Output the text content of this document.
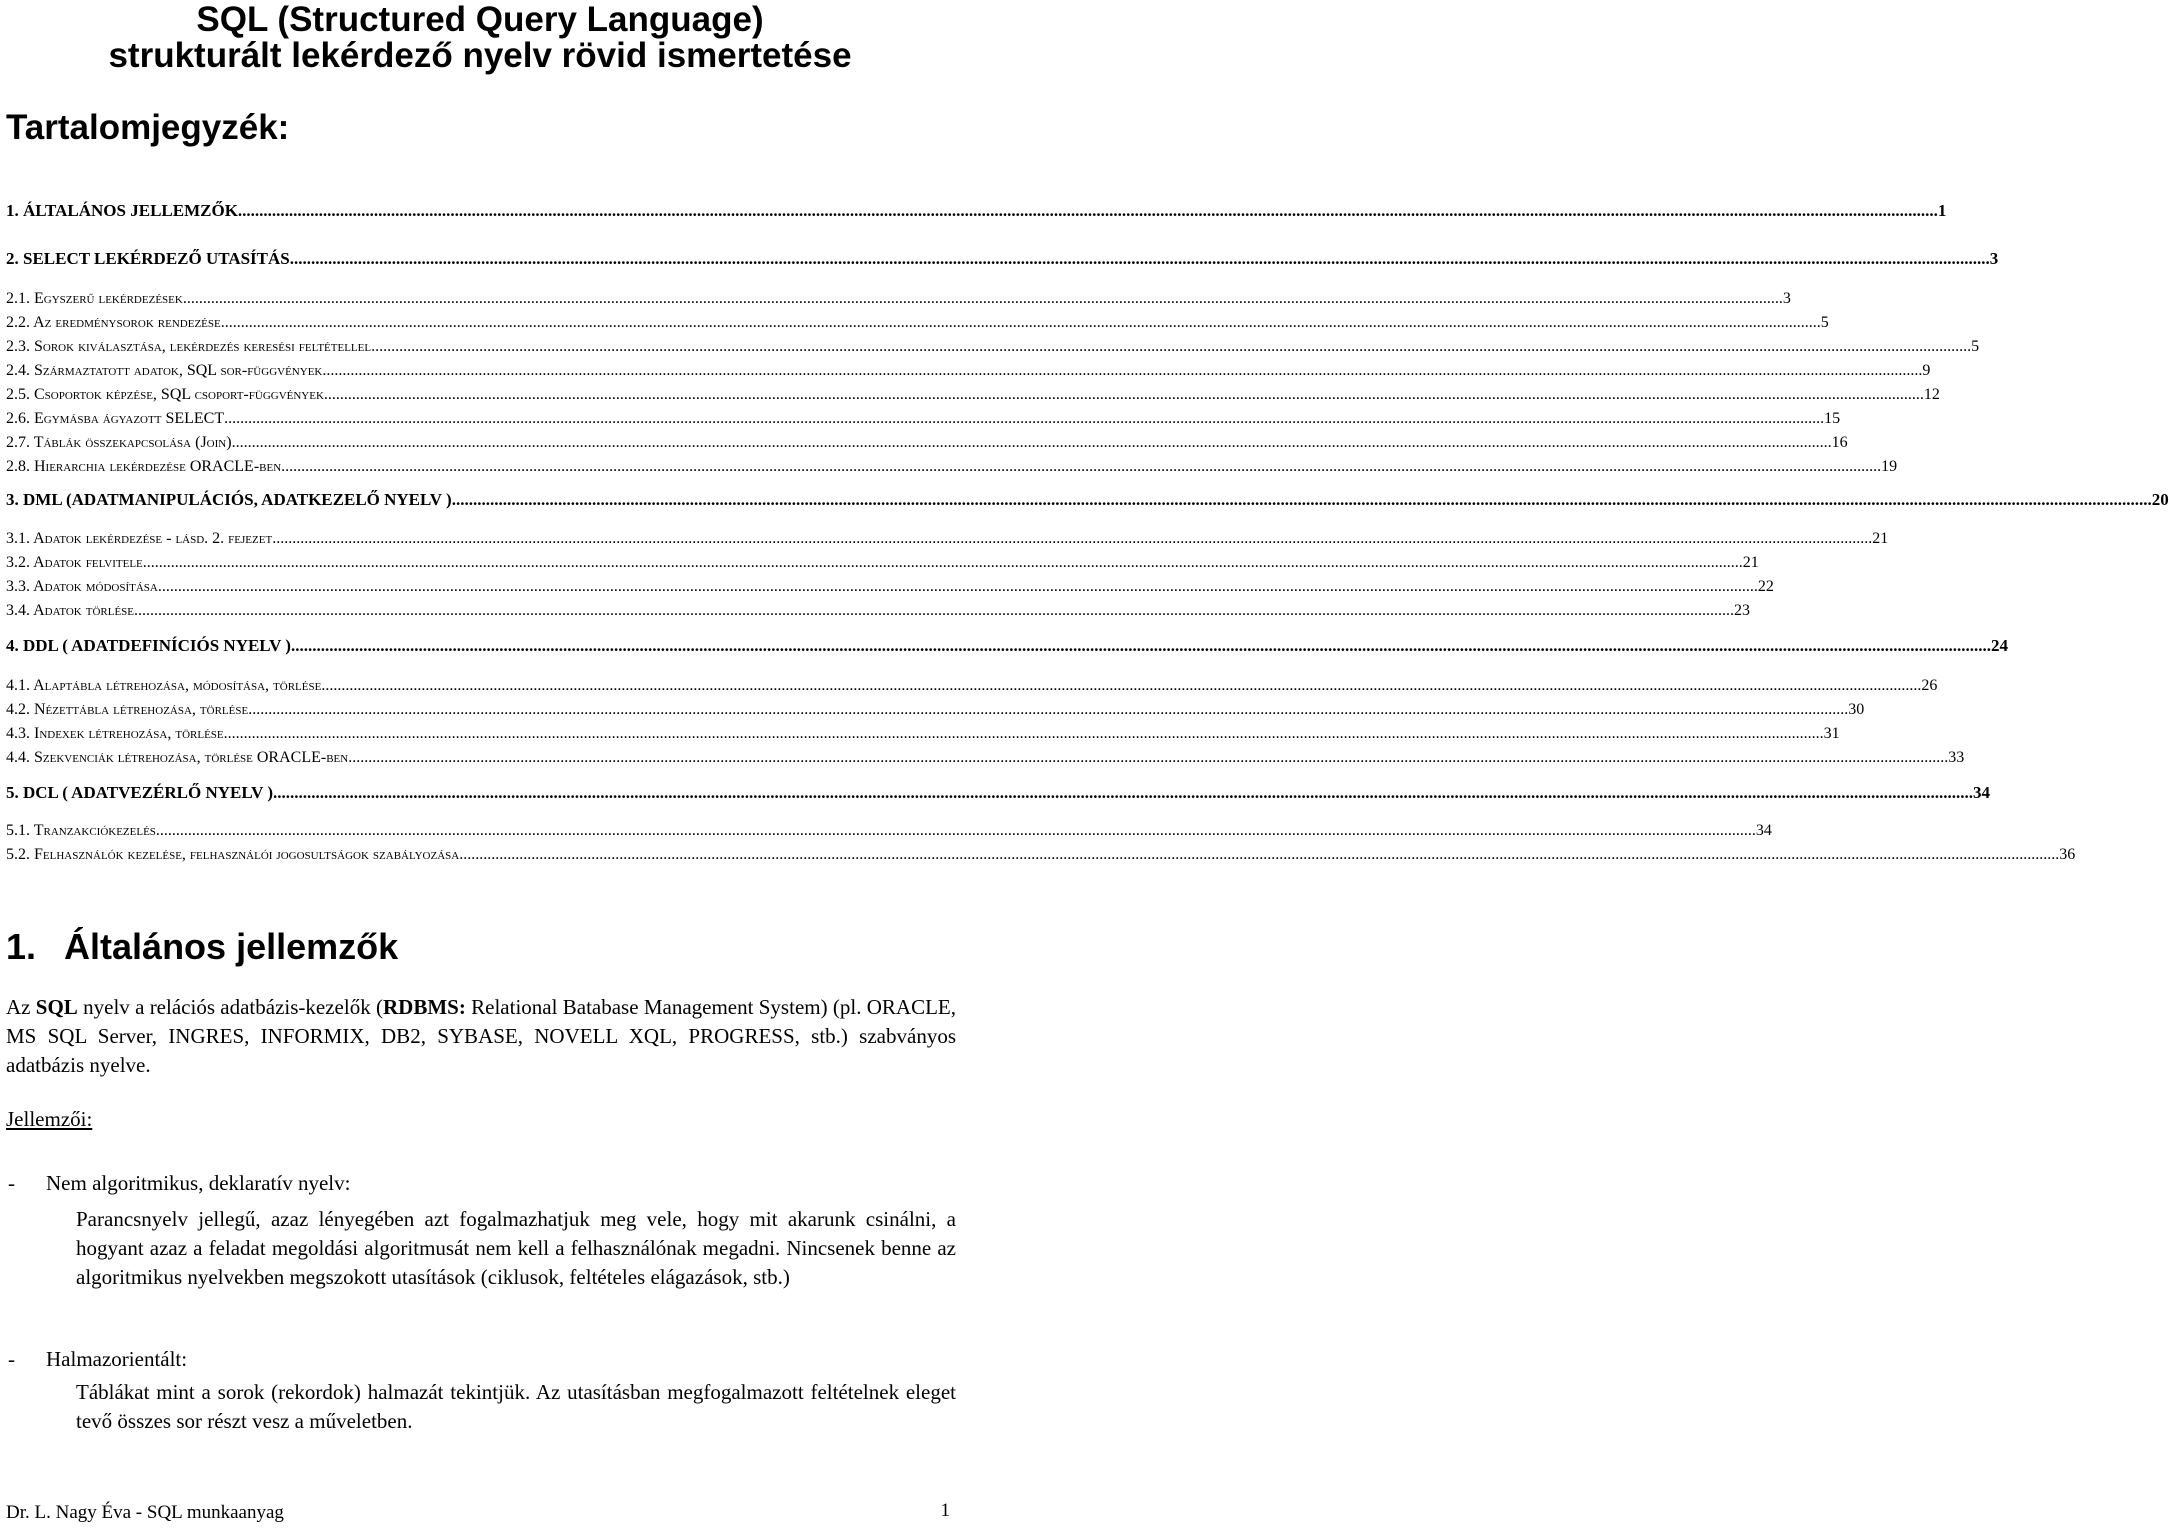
SQL (Structured Query Language)
strukturált lekérdező nyelv rövid ismertetése
Tartalomjegyzék:
1. ÁLTALÁNOS JELLEMZŐK ................................................................................................................................................................................................................................................................................................................................................................................................................ 1
2. SELECT LEKÉRDEZŐ UTASÍTÁS ................................................................................................................................................................................................................................................................................................................................................................................................................ 3
2.1. Egyszerű lekérdezések ................................................................................................................................................................................................................................................................................................................................................................................................................ 3
2.2. Az eredménysorok rendezése ................................................................................................................................................................................................................................................................................................................................................................................................................ 5
2.3. Sorok kiválasztása, lekérdezés keresési feltétellel ................................................................................................................................................................................................................................................................................................................................................................................................................ 5
2.4. Származtatott adatok, SQL sor-függvények ................................................................................................................................................................................................................................................................................................................................................................................................................ 9
2.5. Csoportok képzése, SQL csoport-függvények ................................................................................................................................................................................................................................................................................................................................................................................................................ 12
2.6. Egymásba ágyazott SELECT ................................................................................................................................................................................................................................................................................................................................................................................................................ 15
2.7. Táblák összekapcsolása (Join) ................................................................................................................................................................................................................................................................................................................................................................................................................ 16
2.8. Hierarchia lekérdezése ORACLE-ben ................................................................................................................................................................................................................................................................................................................................................................................................................ 19
3. DML (ADATMANIPULÁCIÓS, ADATKEZELŐ NYELV ) ................................................................................................................................................................................................................................................................................................................................................................................................................ 20
3.1. Adatok lekérdezése - lásd. 2. fejezet ................................................................................................................................................................................................................................................................................................................................................................................................................ 21
3.2. Adatok felvitele ................................................................................................................................................................................................................................................................................................................................................................................................................ 21
3.3. Adatok módosítása ................................................................................................................................................................................................................................................................................................................................................................................................................ 22
3.4. Adatok törlése ................................................................................................................................................................................................................................................................................................................................................................................................................ 23
4. DDL ( ADATDEFINÍCIÓS NYELV ) ................................................................................................................................................................................................................................................................................................................................................................................................................ 24
4.1. Alaptábla létrehozása, módosítása, törlése ................................................................................................................................................................................................................................................................................................................................................................................................................ 26
4.2. Nézettábla létrehozása, törlése ................................................................................................................................................................................................................................................................................................................................................................................................................ 30
4.3. Indexek létrehozása, törlése ................................................................................................................................................................................................................................................................................................................................................................................................................ 31
4.4. Szekvenciák létrehozása, törlése ORACLE-ben ................................................................................................................................................................................................................................................................................................................................................................................................................ 33
5. DCL ( ADATVEZÉRLŐ NYELV ) ................................................................................................................................................................................................................................................................................................................................................................................................................ 34
5.1. Tranzakciókezelés ................................................................................................................................................................................................................................................................................................................................................................................................................ 34
5.2. Felhasználók kezelése, felhasználói jogosultságok szabályozása ................................................................................................................................................................................................................................................................................................................................................................................................................ 36
1. Általános jellemzők

Az SQL nyelv a relációs adatbázis-kezelők (RDBMS: Relational Batabase Management System) (pl. ORACLE, MS SQL Server, INGRES, INFORMIX, DB2, SYBASE, NOVELL XQL, PROGRESS, stb.) szabványos adatbázis nyelve.

Jellemzői:
- Nem algoritmikus, deklaratív nyelv:

Parancsnyelv jellegű, azaz lényegében azt fogalmazhatjuk meg vele, hogy mit akarunk csinálni, a hogyant azaz a feladat megoldási algoritmusát nem kell a felhasználónak megadni. Nincsenek benne az algoritmikus nyelvekben megszokott utasítások (ciklusok, feltételes elágazások, stb.)

- Halmazorientált:

Táblákat mint a sorok (rekordok) halmazát tekintjük. Az utasításban megfogalmazott feltételnek eleget tevő összes sor részt vesz a műveletben.

Dr. L. Nagy Éva - SQL munkaanyag	1
